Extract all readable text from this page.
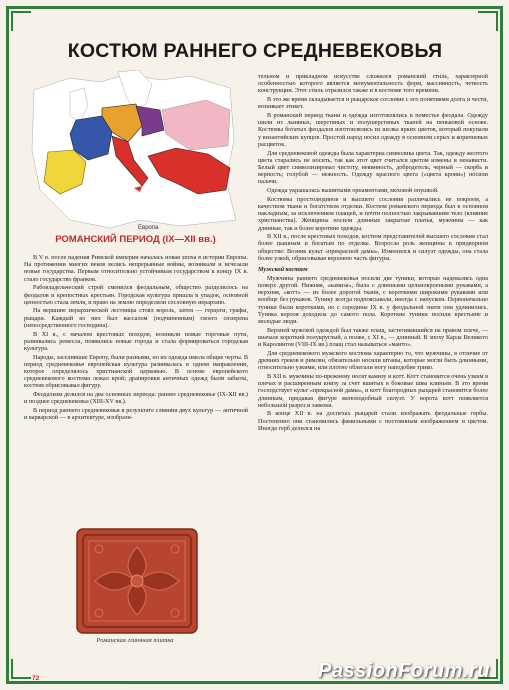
КОСТЮМ РАННЕГО СРЕДНЕВЕКОВЬЯ
Европа
РОМАНСКИЙ ПЕРИОД (IX—XII вв.)

В V в. после падения Римской империи началась новая эпоха в истории Европы. На протяжении многих веков велись непрерывные войны, возникали и исчезали новые государства. Первым относительно устойчивым государством к концу IX в. стало государство франков.

Рабовладельческий строй сменился феодальным, общество разделилось на феодалов и крепостных крестьян. Городская культура пришла в упадок, основной ценностью стала земля, и право на землю определяли сословную иерархию.

На вершине иерархической лестницы стоял король, затем — герцоги, графы, рыцари. Каждый из них был вассалом (подчиненным) своего сюзерена (непосредственного господина).

В XI в., с началом крестовых походов, возникли новые торговые пути, развивались ремесла, появились новые города и стала формироваться городская культура.

Народы, заселившие Европу, были разными, но их одежда имела общие черты. В период средневековья европейская культура развивалась в одном направлении, которое определялось христианской церковью. В основе европейского средневекового костюма лежал крой; драпировки античных одежд были забыты, костюм обрисовывал фигуру.

Феодализм делился на два основных периода: раннее средневековье (IX-XII вв.) и позднее средневековье (XIII-XV вв.).

В период раннего средневековья в результате слияния двух культур — античной и варварской — в архитектуре, изобрази-

Романская глиняная плитка

тельном и прикладном искусстве сложился романский стиль, характерной особенностью которого является монументальность форм, массивность, четкость конструкции. Этот стиль отразился также и в костюме того времени.

В это же время складывается и рыцарское сословие с его понятиями долга и чести, возникает этикет.

В романский период ткани и одежда изготовлялись в поместье феодала. Одежду шили из льняных, шерстяных и полушерстяных тканей на пеньковой основе. Костюмы богатых феодалов изготовлялись из шелка ярких цветов, который покупали у византийских купцов. Простой народ носил одежду в основном серых и коричневых расцветок.

Для средневековой одежды была характерна символика цвета. Так, одежду желтого цвета старались не носить, так как этот цвет считался цветом измены и ненависти. Белый цвет символизировал чистоту, невинность, добродетель; черный — скорбь и верность; голубой — нежность. Одежду красного цвета («цвета крови») носили палачи.

Одежда украшалась вышитыми орнаментами, меховой опушкой.

Костюмы простолюдинов и высшего сословия различались не покроем, а качеством ткани и богатством отделки. Костюм романского периода был в основном накладным, за исключением плащей, и почти полностью закрывавшим тело (влияние христианства). Женщины носили длинные закрытые платья, мужчины — как длинные, так и более короткие одежды.

В XII в., после крестовых походов, костюм представителей высшего сословия стал более пышным и богатым по отделке. Возросла роль женщины в придворном обществе: Возник культ «прекрасной дамы». Изменился и силуэт одежды, она стала более узкой, обрисовывая верхнюю часть фигуры.

Мужской костюм

Мужчины раннего средневековья носили две туники, которые надевались одна поверх другой. Нижняя, «камиза», была с длинными цельнокроеными рукавами, а верхняя, «котт» — из более дорогой ткани, с короткими широкими рукавами или вообще без рукавов. Тунику всегда подпоясывали, иногда с напуском. Первоначально туники были короткими, но с середины IX в. у феодальной знати они удлинились. Туника короля доходила до самого пола. Короткие туники носили крестьяне и молодые люди.

Верхней мужской одеждой был также плащ, застегивавшийся на правом плече, — вначале короткий полукруглый, а позже, с XI в., — длинный. В эпоху Карла Великого и Каролингов (VIII-IX вв.) плащ стал называться «манто».

Для средневекового мужского костюма характерно то, что мужчины, в отличие от древних греков и римлян, обязательно носили штаны, которые могли быть длинными, относительно узкими, или плотно облегали ногу наподобие трико.

В XII в. мужчины по-прежнему носят камизу и котт. Котт становится очень узким в плечах и расширенным книзу за счет вшитых в боковые швы клиньев. В это время господствует культ «прекрасной дамы», и котт благородных рыцарей становится более длинным, придавая фигуре женоподобный силуэт. У ворота котт появляется небольшой разрез и завязки.

В конце XII в. на доспехах рыцарей стали изображать феодальные гербы. Постепенно они становились фамильными с постоянным изображением и цветом. Иногда герб делился на

72	PassionForum.ru
